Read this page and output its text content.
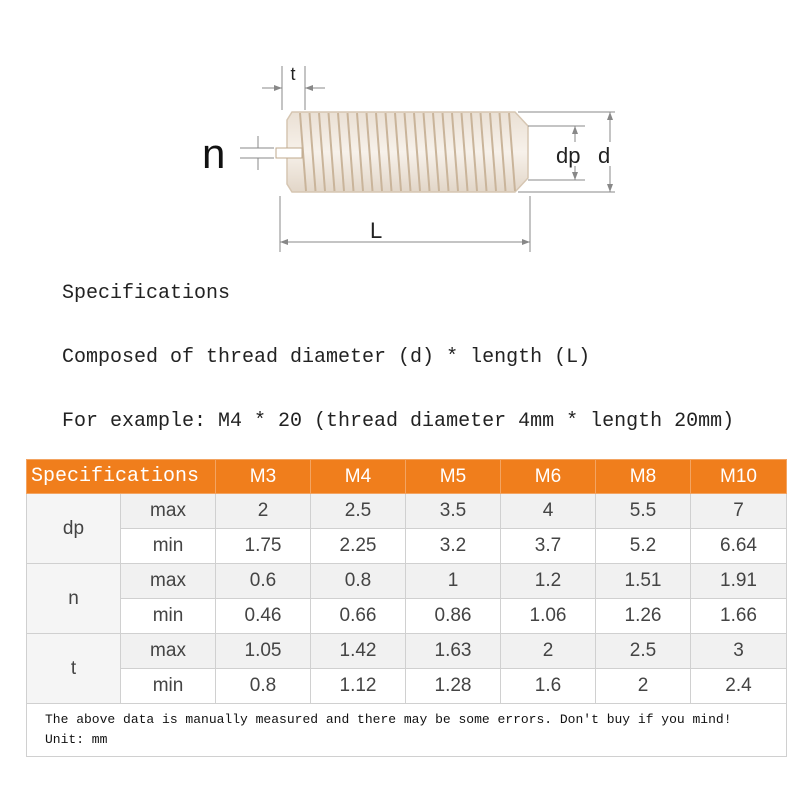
t
n	dp d
L
Specifications
Composed of thread diameter (d) * length (L)
For example: M4 * 20 (thread diameter 4mm * length 20mm)
Specifications		M3	M4	M5	M6	M8	M10
dp	max	2	2.5	3.5	4	5.5	7
	min	1.75	2.25	3.2	3.7	5.2	6.64
n	max	0.6	0.8	1	1.2	1.51	1.91
	min	0.46	0.66	0.86	1.06	1.26	1.66
t	max	1.05	1.42	1.63	2	2.5	3
	min	0.8	1.12	1.28	1.6	2	2.4

The above data is manually measured and there may be some errors. Don't buy if you mind!
Unit: mm							
